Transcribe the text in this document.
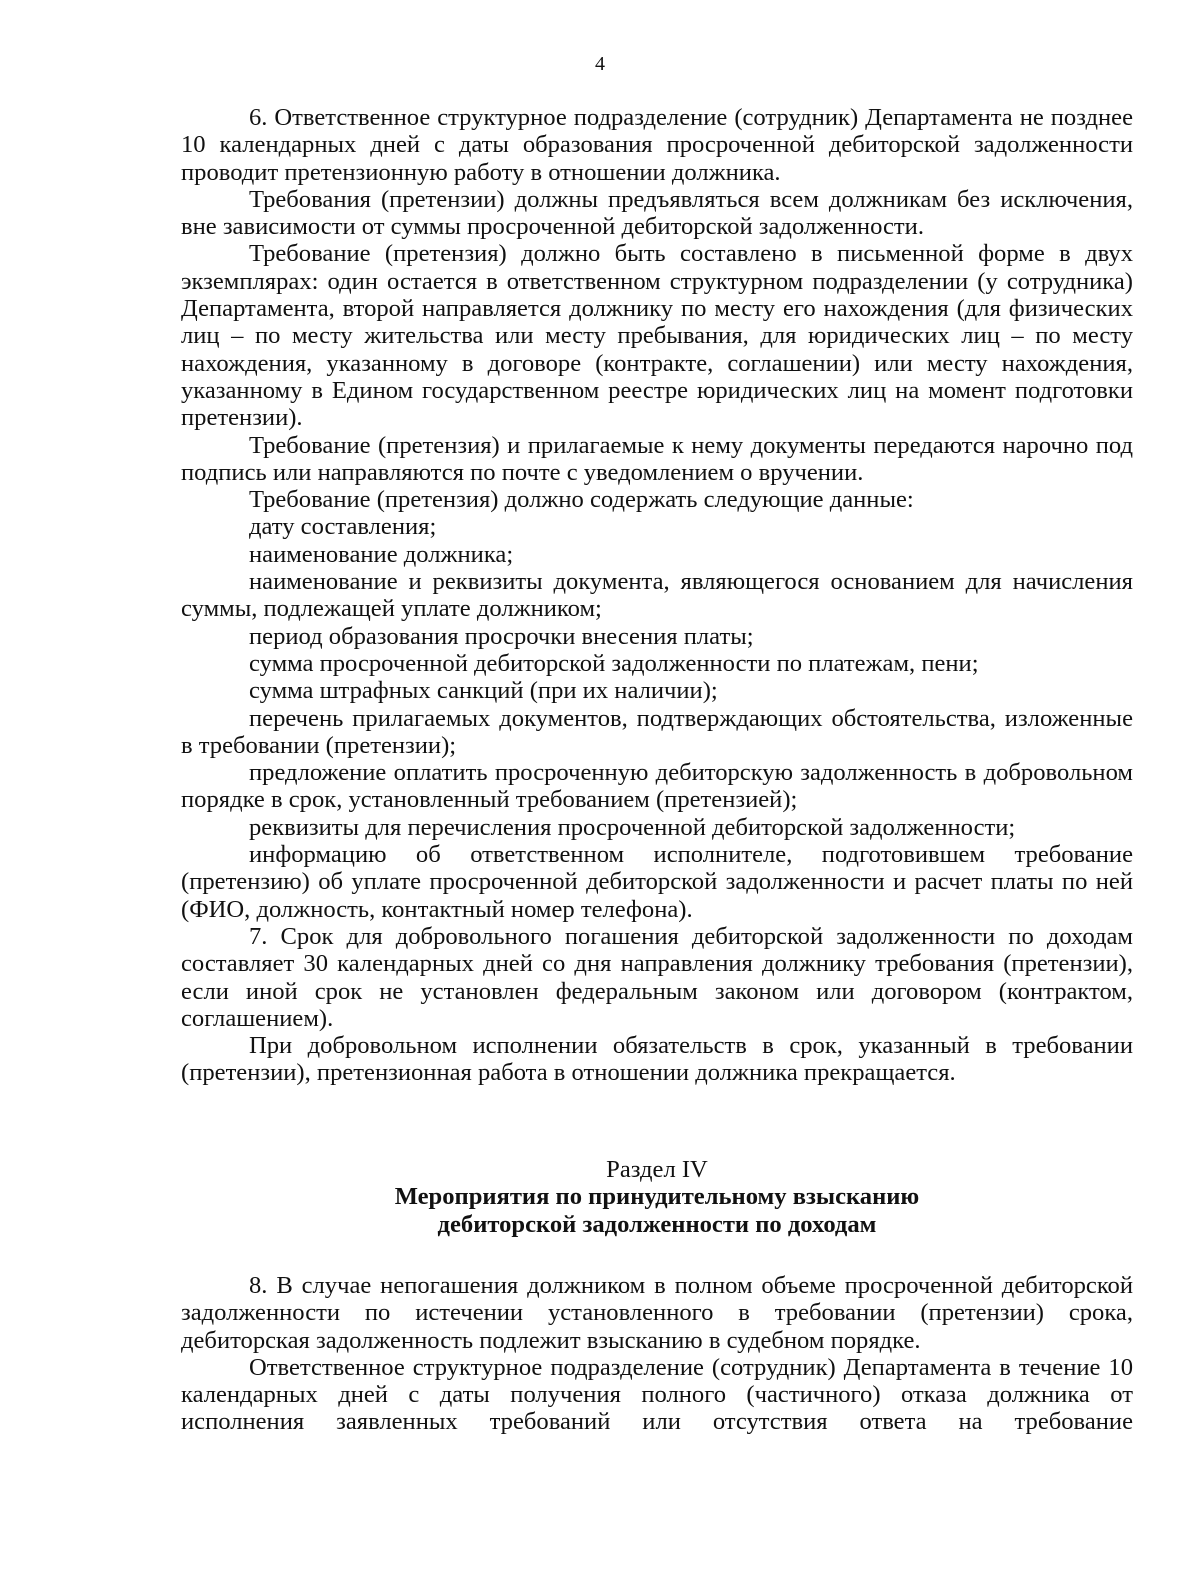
4

6. Ответственное структурное подразделение (сотрудник) Департамента не позднее 10 календарных дней с даты образования просроченной дебиторской задолженности проводит претензионную работу в отношении должника.

Требования (претензии) должны предъявляться всем должникам без исключения, вне зависимости от суммы просроченной дебиторской задолженности.

Требование (претензия) должно быть составлено в письменной форме в двух экземплярах: один остается в ответственном структурном подразделении (у сотрудника) Департамента, второй направляется должнику по месту его нахождения (для физических лиц – по месту жительства или месту пребывания, для юридических лиц – по месту нахождения, указанному в договоре (контракте, соглашении) или месту нахождения, указанному в Едином государственном реестре юридических лиц на момент подготовки претензии).

Требование (претензия) и прилагаемые к нему документы передаются нарочно под подпись или направляются по почте с уведомлением о вручении.

Требование (претензия) должно содержать следующие данные:

дату составления;

наименование должника;

наименование и реквизиты документа, являющегося основанием для начисления суммы, подлежащей уплате должником;

период образования просрочки внесения платы;

сумма просроченной дебиторской задолженности по платежам, пени;

сумма штрафных санкций (при их наличии);

перечень прилагаемых документов, подтверждающих обстоятельства, изложенные в требовании (претензии);

предложение оплатить просроченную дебиторскую задолженность в добровольном порядке в срок, установленный требованием (претензией);

реквизиты для перечисления просроченной дебиторской задолженности;

информацию об ответственном исполнителе, подготовившем требование (претензию) об уплате просроченной дебиторской задолженности и расчет платы по ней (ФИО, должность, контактный номер телефона).

7. Срок для добровольного погашения дебиторской задолженности по доходам составляет 30 календарных дней со дня направления должнику требования (претензии), если иной срок не установлен федеральным законом или договором (контрактом, соглашением).

При добровольном исполнении обязательств в срок, указанный в требовании (претензии), претензионная работа в отношении должника прекращается.

Раздел IV

Мероприятия по принудительному взысканию

дебиторской задолженности по доходам

8. В случае непогашения должником в полном объеме просроченной дебиторской задолженности по истечении установленного в требовании (претензии) срока, дебиторская задолженность подлежит взысканию в судебном порядке.

Ответственное структурное подразделение (сотрудник) Департамента в течение 10 календарных дней с даты получения полного (частичного) отказа должника от исполнения заявленных требований или отсутствия ответа на требование
